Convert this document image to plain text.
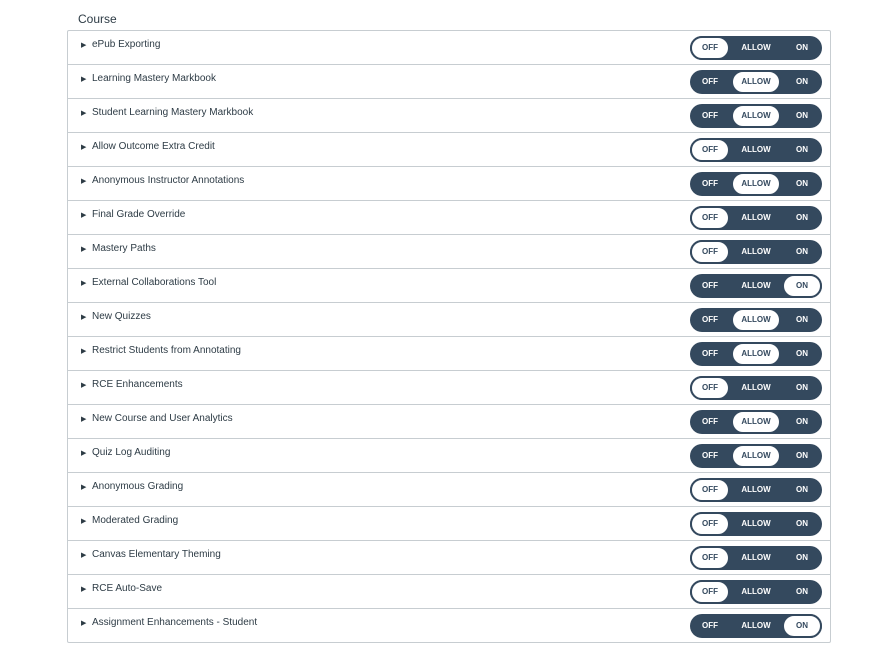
Course
▶ ePub Exporting	OFF	ALLOW	ON
▶ Learning Mastery Markbook	OFF	ALLOW	ON
▶ Student Learning Mastery Markbook	OFF	ALLOW	ON
▶ Allow Outcome Extra Credit	OFF	ALLOW	ON
▶ Anonymous Instructor Annotations	OFF	ALLOW	ON
▶ Final Grade Override	OFF	ALLOW	ON
▶ Mastery Paths	OFF	ALLOW	ON
▶ External Collaborations Tool	OFF	ALLOW	ON
▶ New Quizzes	OFF	ALLOW	ON
▶ Restrict Students from Annotating	OFF	ALLOW	ON
▶ RCE Enhancements	OFF	ALLOW	ON
▶ New Course and User Analytics	OFF	ALLOW	ON
▶ Quiz Log Auditing	OFF	ALLOW	ON
▶ Anonymous Grading	OFF	ALLOW	ON
▶ Moderated Grading	OFF	ALLOW	ON
▶ Canvas Elementary Theming	OFF	ALLOW	ON
▶ RCE Auto-Save	OFF	ALLOW	ON
▶ Assignment Enhancements - Student	OFF	ALLOW	ON
